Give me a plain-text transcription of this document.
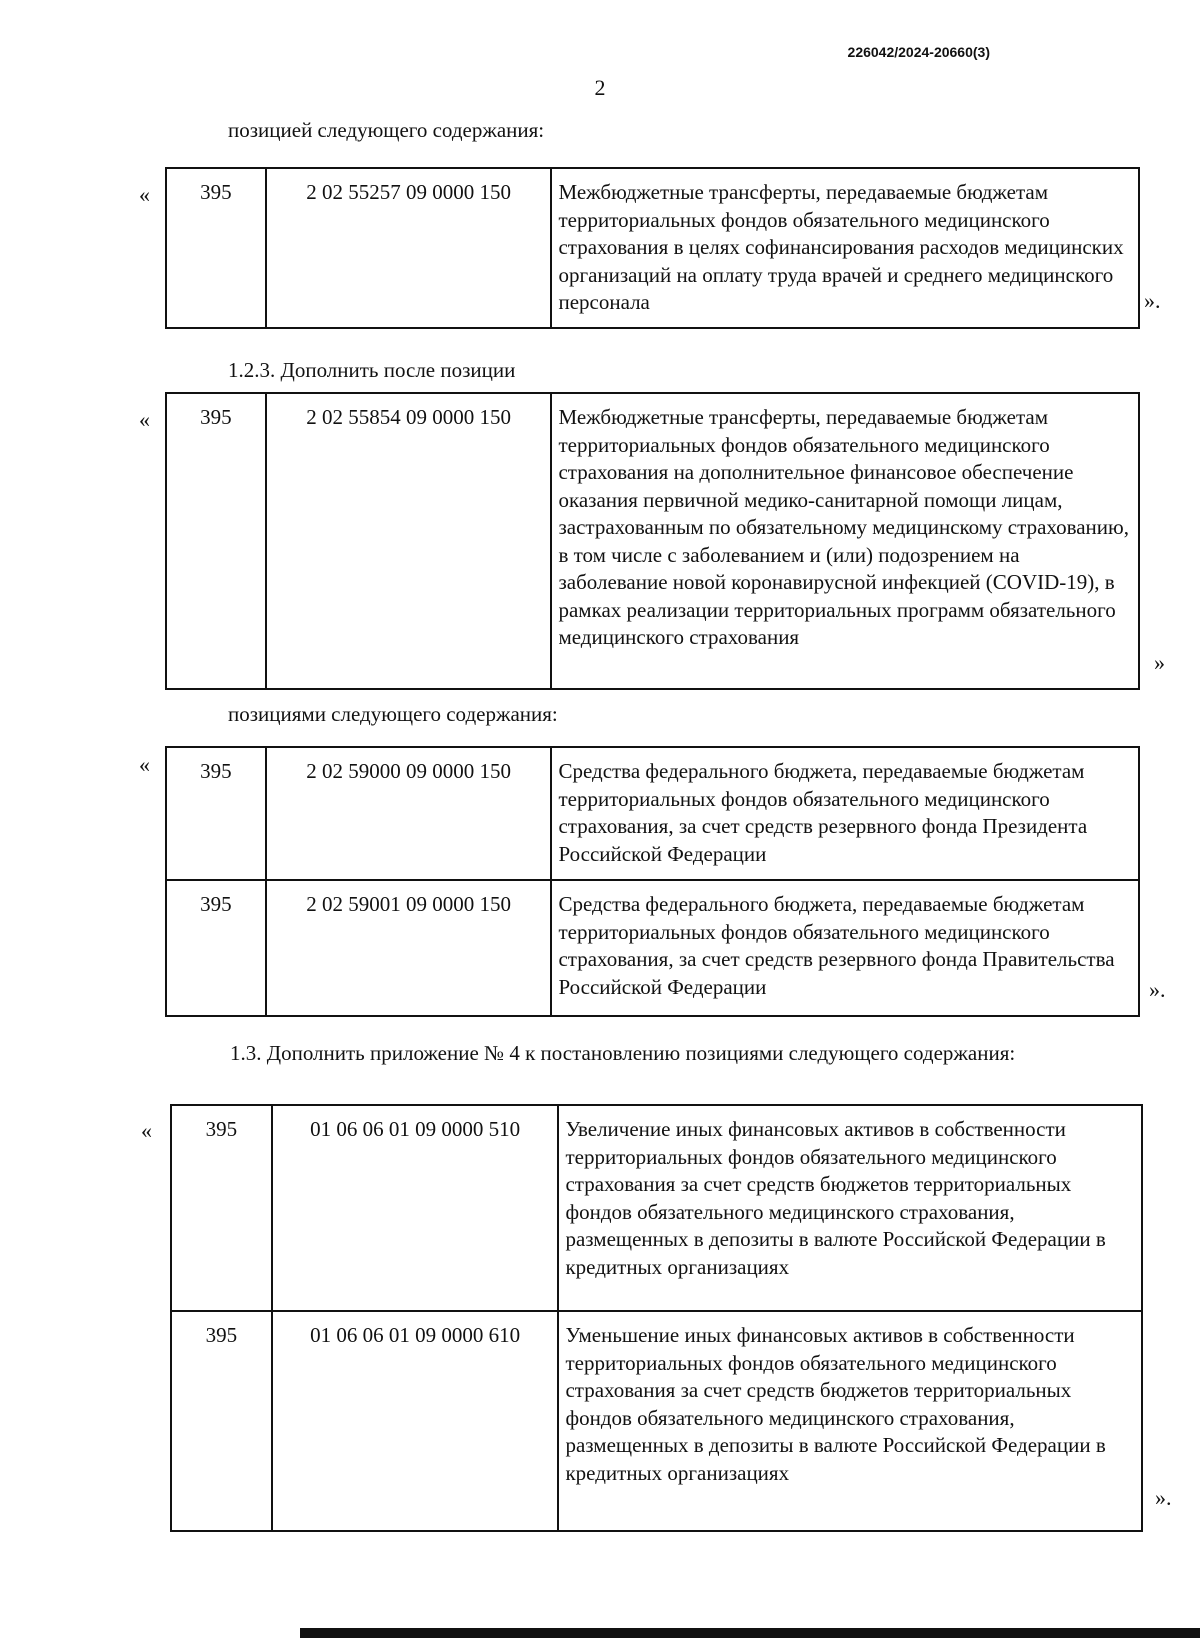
226042/2024-20660(3)
2
позицией следующего содержания:
« 395	2 02 55257 09 0000 150	Межбюджетные трансферты, передаваемые бюджетам территориальных фондов обязательного медицинского страхования в целях софинансирования расходов медицинских организаций на оплату труда врачей и среднего медицинского персонала	».
1.2.3. Дополнить после позиции
« 395	2 02 55854 09 0000 150	Межбюджетные трансферты, передаваемые бюджетам территориальных фондов обязательного медицинского страхования на дополнительное финансовое обеспечение оказания первичной медико-санитарной помощи лицам, застрахованным по обязательному медицинскому страхованию, в том числе с заболеванием и (или) подозрением на заболевание новой коронавирусной инфекцией (COVID-19), в рамках реализации территориальных программ обязательного медицинского страхования
»
позициями следующего содержания:
« 395	2 02 59000 09 0000 150	Средства федерального бюджета, передаваемые бюджетам территориальных фондов обязательного медицинского страхования, за счет средств резервного фонда Президента Российской Федерации
395	2 02 59001 09 0000 150	Средства федерального бюджета, передаваемые бюджетам территориальных фондов обязательного медицинского страхования, за счет средств резервного фонда Правительства Российской Федерации	».
1.3. Дополнить приложение № 4 к постановлению позициями следующего содержания:
«	395	01 06 06 01 09 0000 510	Увеличение иных финансовых активов в собственности территориальных фондов обязательного медицинского страхования за счет средств бюджетов территориальных фондов обязательного медицинского страхования, размещенных в депозиты в валюте Российской Федерации в кредитных организациях
395	01 06 06 01 09 0000 610	Уменьшение иных финансовых активов в собственности территориальных фондов обязательного медицинского страхования за счет средств бюджетов территориальных фондов обязательного медицинского страхования, размещенных в депозиты в валюте Российской Федерации в кредитных организациях
».
